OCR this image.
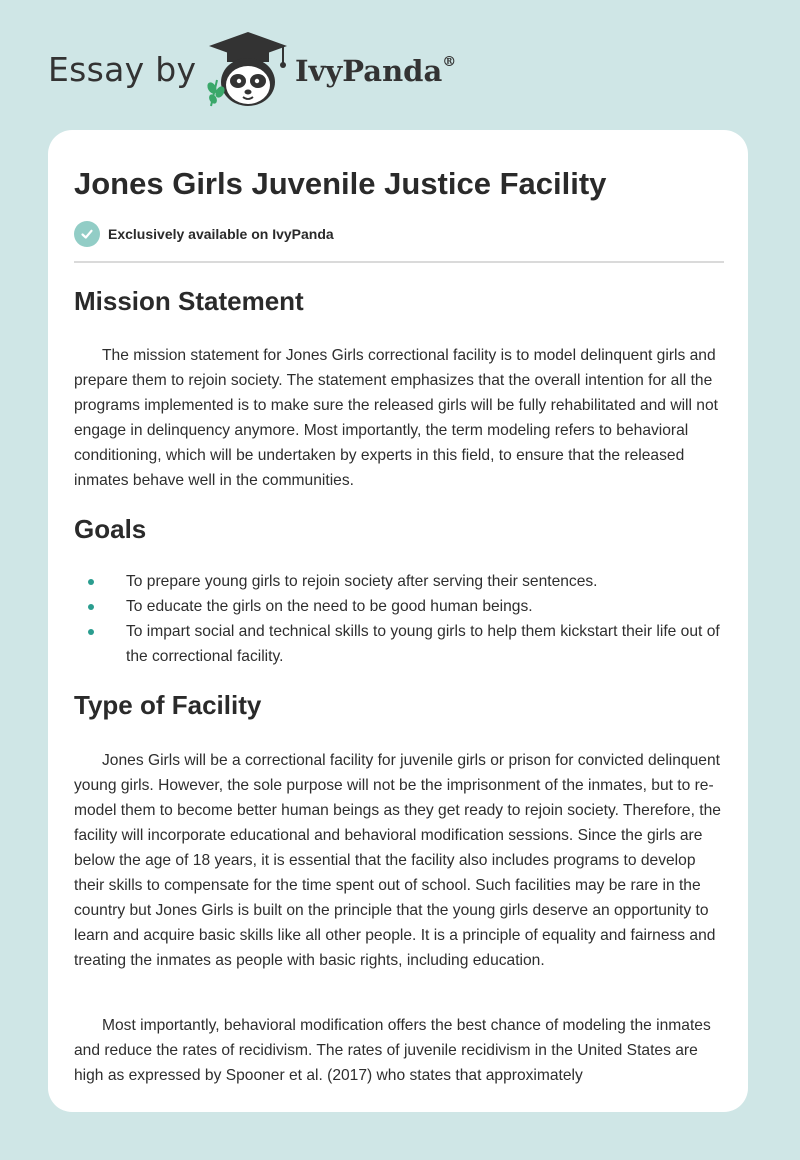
Essay by	IvyPanda®
Jones Girls Juvenile Justice Facility
Exclusively available on IvyPanda
Mission Statement

The mission statement for Jones Girls correctional facility is to model delinquent girls and prepare them to rejoin society. The statement emphasizes that the overall intention for all the programs implemented is to make sure the released girls will be fully rehabilitated and will not engage in delinquency anymore. Most importantly, the term modeling refers to behavioral conditioning, which will be undertaken by experts in this field, to ensure that the released inmates behave well in the communities.

Goals
To prepare young girls to rejoin society after serving their sentences.
To educate the girls on the need to be good human beings.
To impart social and technical skills to young girls to help them kickstart their life out of the correctional facility.
Type of Facility

Jones Girls will be a correctional facility for juvenile girls or prison for convicted delinquent young girls. However, the sole purpose will not be the imprisonment of the inmates, but to re-model them to become better human beings as they get ready to rejoin society. Therefore, the facility will incorporate educational and behavioral modification sessions. Since the girls are below the age of 18 years, it is essential that the facility also includes programs to develop their skills to compensate for the time spent out of school. Such facilities may be rare in the country but Jones Girls is built on the principle that the young girls deserve an opportunity to learn and acquire basic skills like all other people. It is a principle of equality and fairness and treating the inmates as people with basic rights, including education.

Most importantly, behavioral modification offers the best chance of modeling the inmates and reduce the rates of recidivism. The rates of juvenile recidivism in the United States are high as expressed by Spooner et al. (2017) who states that approximately
